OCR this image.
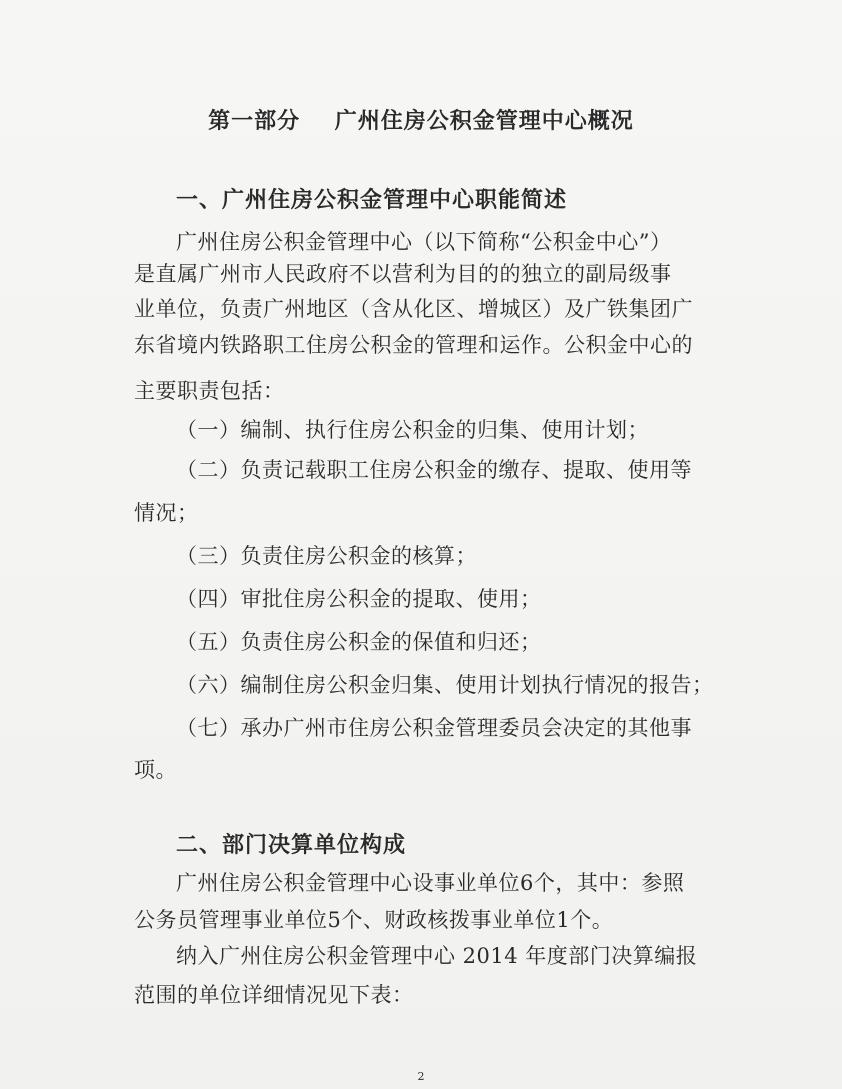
第一部分    广州住房公积金管理中心概况
一、广州住房公积金管理中心职能简述
广州住房公积金管理中心（以下简称“公积金中心”）
是直属广州市人民政府不以营利为目的的独立的副局级事
业单位，负责广州地区（含从化区、增城区）及广铁集团广
东省境内铁路职工住房公积金的管理和运作。公积金中心的
主要职责包括：
（一）编制、执行住房公积金的归集、使用计划；
（二）负责记载职工住房公积金的缴存、提取、使用等
情况；
（三）负责住房公积金的核算；
（四）审批住房公积金的提取、使用；
（五）负责住房公积金的保值和归还；
（六）编制住房公积金归集、使用计划执行情况的报告；
（七）承办广州市住房公积金管理委员会决定的其他事
项。
二、部门决算单位构成
广州住房公积金管理中心设事业单位6个，其中：参照
公务员管理事业单位5个、财政核拨事业单位1个。
纳入广州住房公积金管理中心 2014 年度部门决算编报
范围的单位详细情况见下表：
2
